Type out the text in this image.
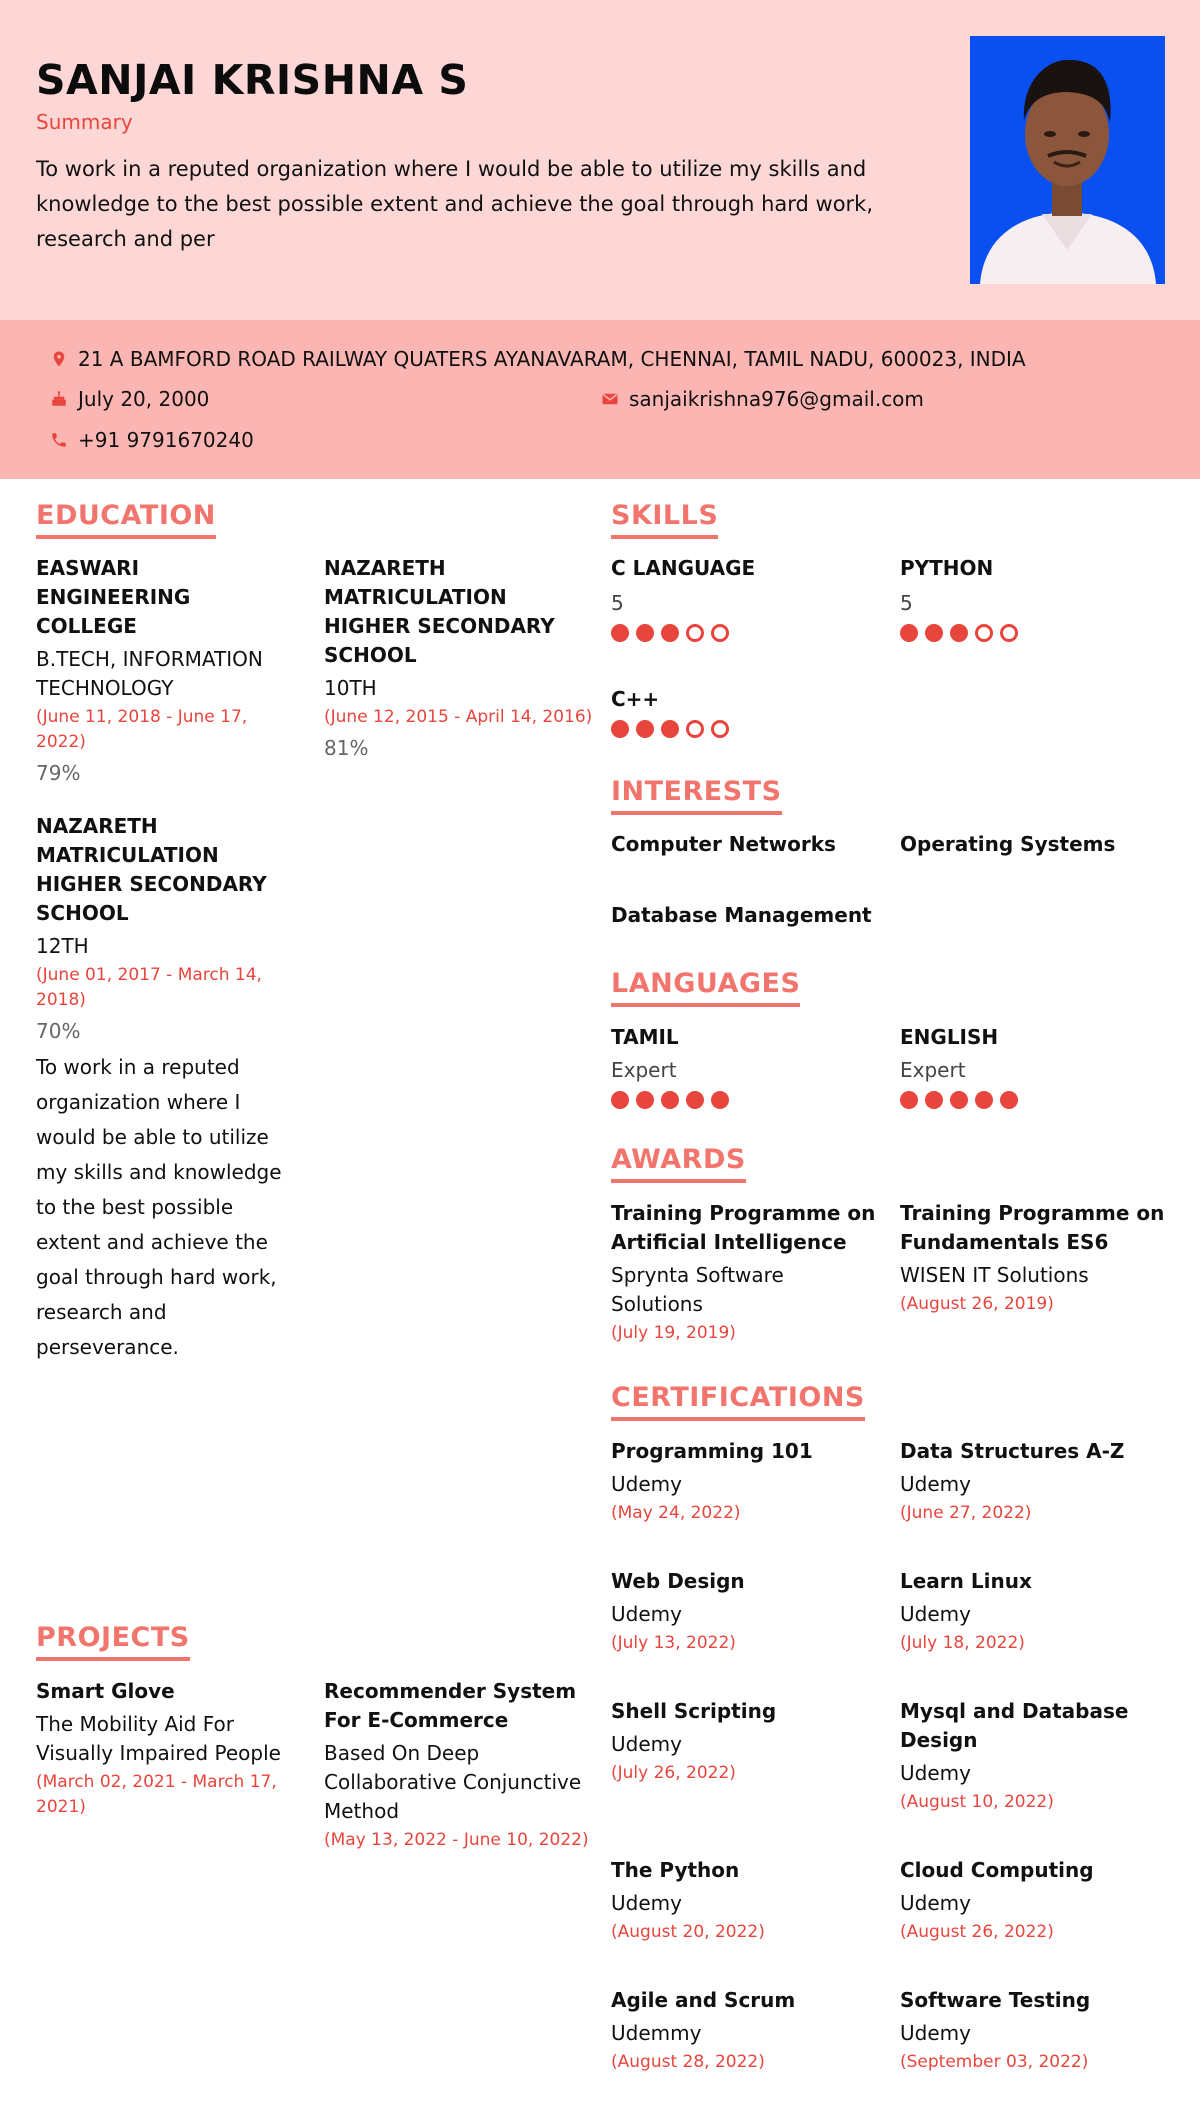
SANJAI KRISHNA S
Summary
To work in a reputed organization where I would be able to utilize my skills and knowledge to the best possible extent and achieve the goal through hard work, research and per
21 A BAMFORD ROAD RAILWAY QUATERS AYANAVARAM, CHENNAI, TAMIL NADU, 600023, INDIA
July 20, 2000	sanjaikrishna976@gmail.com
+91 9791670240
EDUCATION
EASWARI ENGINEERING COLLEGE
B.TECH, INFORMATION TECHNOLOGY
(June 11, 2018 - June 17, 2022)
79%
NAZARETH MATRICULATION HIGHER SECONDARY SCHOOL
10TH
(June 12, 2015 - April 14, 2016)
81%
NAZARETH MATRICULATION HIGHER SECONDARY SCHOOL
12TH
(June 01, 2017 - March 14, 2018)
70%
To work in a reputed organization where I would be able to utilize my skills and knowledge to the best possible extent and achieve the goal through hard work, research and perseverance.
PROJECTS
Smart Glove
The Mobility Aid For Visually Impaired People
(March 02, 2021 - March 17, 2021)
Recommender System For E-Commerce
Based On Deep Collaborative Conjunctive Method
(May 13, 2022 - June 10, 2022)
SKILLS
C LANGUAGE
5
PYTHON
5
C++
INTERESTS
Computer Networks	Operating Systems
Database Management
LANGUAGES
TAMIL
Expert
ENGLISH
Expert
AWARDS
Training Programme on Artificial Intelligence
Sprynta Software Solutions
(July 19, 2019)
Training Programme on Fundamentals ES6
WISEN IT Solutions
(August 26, 2019)
CERTIFICATIONS
Programming 101
Udemy
(May 24, 2022)
Data Structures A-Z
Udemy
(June 27, 2022)
Web Design
Udemy
(July 13, 2022)
Learn Linux
Udemy
(July 18, 2022)
Shell Scripting
Udemy
(July 26, 2022)
Mysql and Database Design
Udemy
(August 10, 2022)
The Python
Udemy
(August 20, 2022)
Cloud Computing
Udemy
(August 26, 2022)
Agile and Scrum
Udemmy
(August 28, 2022)
Software Testing
Udemy
(September 03, 2022)
